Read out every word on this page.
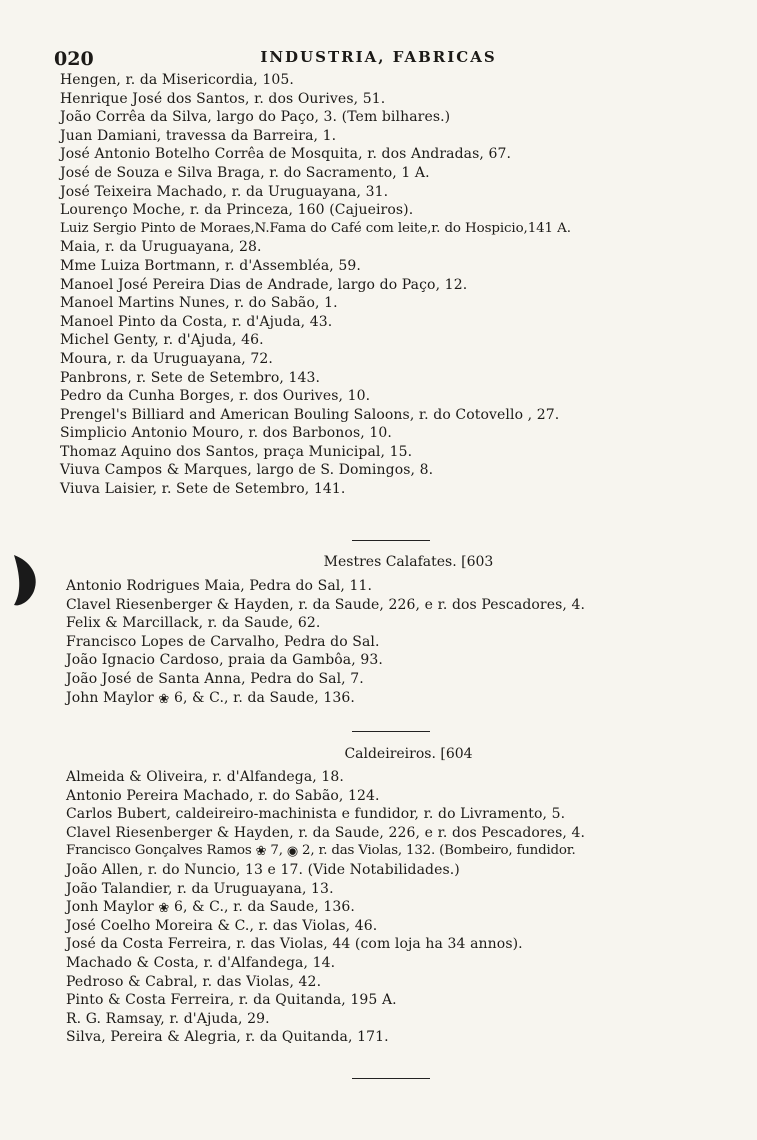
020	INDUSTRIA, FABRICAS
Hengen, r. da Misericordia, 105.
Henrique José dos Santos, r. dos Ourives, 51.
João Corrêa da Silva, largo do Paço, 3. (Tem bilhares.)
Juan Damiani, travessa da Barreira, 1.
José Antonio Botelho Corrêa de Mosquita, r. dos Andradas, 67.
José de Souza e Silva Braga, r. do Sacramento, 1 A.
José Teixeira Machado, r. da Uruguayana, 31.
Lourenço Moche, r. da Princeza, 160 (Cajueiros).
Luiz Sergio Pinto de Moraes,N.Fama do Café com leite,r. do Hospicio,141 A.
Maia, r. da Uruguayana, 28.
Mme Luiza Bortmann, r. d'Assembléa, 59.
Manoel José Pereira Dias de Andrade, largo do Paço, 12.
Manoel Martins Nunes, r. do Sabão, 1.
Manoel Pinto da Costa, r. d'Ajuda, 43.
Michel Genty, r. d'Ajuda, 46.
Moura, r. da Uruguayana, 72.
Panbrons, r. Sete de Setembro, 143.
Pedro da Cunha Borges, r. dos Ourives, 10.
Prengel's Billiard and American Bouling Saloons, r. do Cotovello , 27.
Simplicio Antonio Mouro, r. dos Barbonos, 10.
Thomaz Aquino dos Santos, praça Municipal, 15.
Viuva Campos & Marques, largo de S. Domingos, 8.
Viuva Laisier, r. Sete de Setembro, 141.
Mestres Calafates. [603
Antonio Rodrigues Maia, Pedra do Sal, 11.
Clavel Riesenberger & Hayden, r. da Saude, 226, e r. dos Pescadores, 4.
Felix & Marcillack, r. da Saude, 62.
Francisco Lopes de Carvalho, Pedra do Sal.
João Ignacio Cardoso, praia da Gambôa, 93.
João José de Santa Anna, Pedra do Sal, 7.
John Maylor ❀ 6, & C., r. da Saude, 136.
Caldeireiros. [604
Almeida & Oliveira, r. d'Alfandega, 18.
Antonio Pereira Machado, r. do Sabão, 124.
Carlos Bubert, caldeireiro-machinista e fundidor, r. do Livramento, 5.
Clavel Riesenberger & Hayden, r. da Saude, 226, e r. dos Pescadores, 4.
Francisco Gonçalves Ramos ❀ 7, ◉ 2, r. das Violas, 132. (Bombeiro, fundidor.
João Allen, r. do Nuncio, 13 e 17. (Vide Notabilidades.)
João Talandier, r. da Uruguayana, 13.
Jonh Maylor ❀ 6, & C., r. da Saude, 136.
José Coelho Moreira & C., r. das Violas, 46.
José da Costa Ferreira, r. das Violas, 44 (com loja ha 34 annos).
Machado & Costa, r. d'Alfandega, 14.
Pedroso & Cabral, r. das Violas, 42.
Pinto & Costa Ferreira, r. da Quitanda, 195 A.
R. G. Ramsay, r. d'Ajuda, 29.
Silva, Pereira & Alegria, r. da Quitanda, 171.
